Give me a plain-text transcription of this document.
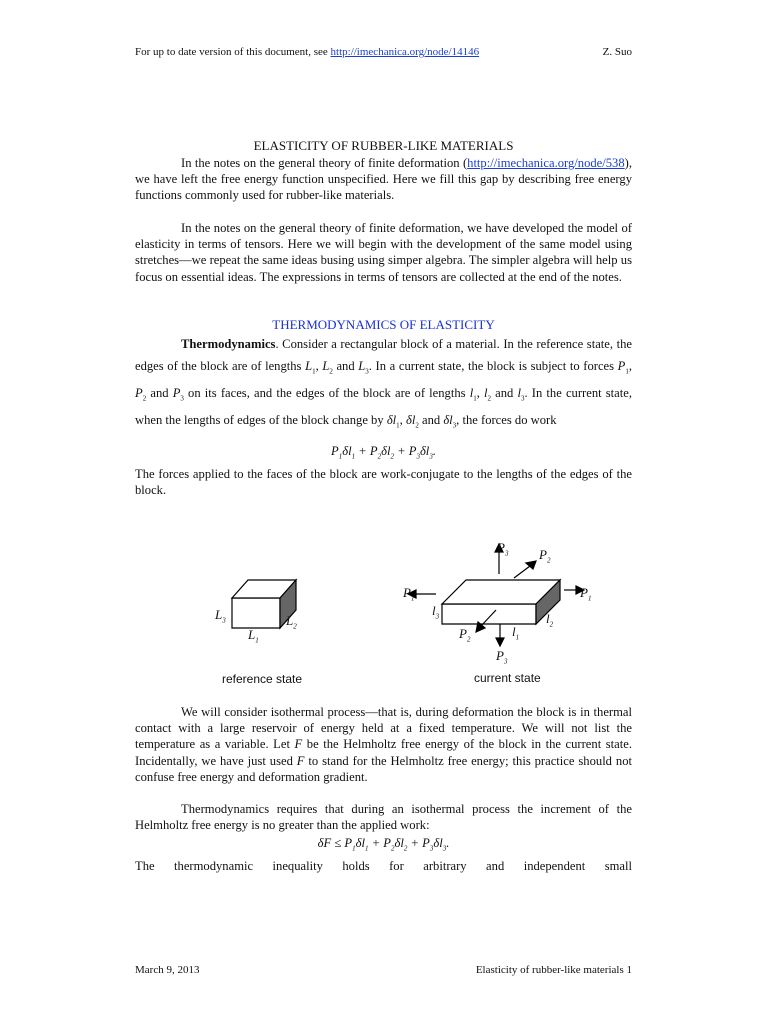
For up to date version of this document, see http://imechanica.org/node/14146	Z. Suo
ELASTICITY OF RUBBER-LIKE MATERIALS
In the notes on the general theory of finite deformation (http://imechanica.org/node/538), we have left the free energy function unspecified. Here we fill this gap by describing free energy functions commonly used for rubber-like materials.
In the notes on the general theory of finite deformation, we have developed the model of elasticity in terms of tensors. Here we will begin with the development of the same model using stretches—we repeat the same ideas busing using simper algebra. The simpler algebra will help us focus on essential ideas. The expressions in terms of tensors are collected at the end of the notes.
THERMODYNAMICS OF ELASTICITY
Thermodynamics. Consider a rectangular block of a material. In the reference state, the edges of the block are of lengths $L_1$, $L_2$ and $L_3$. In a current state, the block is subject to forces $P_1$, $P_2$ and $P_3$ on its faces, and the edges of the block are of lengths $l_1$, $l_2$ and $l_3$. In the current state, when the lengths of edges of the block change by $\delta l_1$, $\delta l_2$ and $\delta l_3$, the forces do work
$P_1\delta l_1 + P_2\delta l_2 + P_3\delta l_3$.
The forces applied to the faces of the block are work-conjugate to the lengths of the edges of the block.
$L_3$
$L_1$
$L_2$
$P_3$ $P_2$
$P_1$	$P_1$
$l_3$	$l_2$
$l_1$
$P_2$
$P_3$
reference state	current state
We will consider isothermal process—that is, during deformation the block is in thermal contact with a large reservoir of energy held at a fixed temperature. We will not list the temperature as a variable. Let F be the Helmholtz free energy of the block in the current state. Incidentally, we have just used F to stand for the Helmholtz free energy; this practice should not confuse free energy and deformation gradient.
Thermodynamics requires that during an isothermal process the increment of the Helmholtz free energy is no greater than the applied work:
$\delta F \le P_1\delta l_1 + P_2\delta l_2 + P_3\delta l_3$.
The thermodynamic inequality holds for arbitrary and independent small
March 9, 2013	Elasticity of rubber-like materials 1
